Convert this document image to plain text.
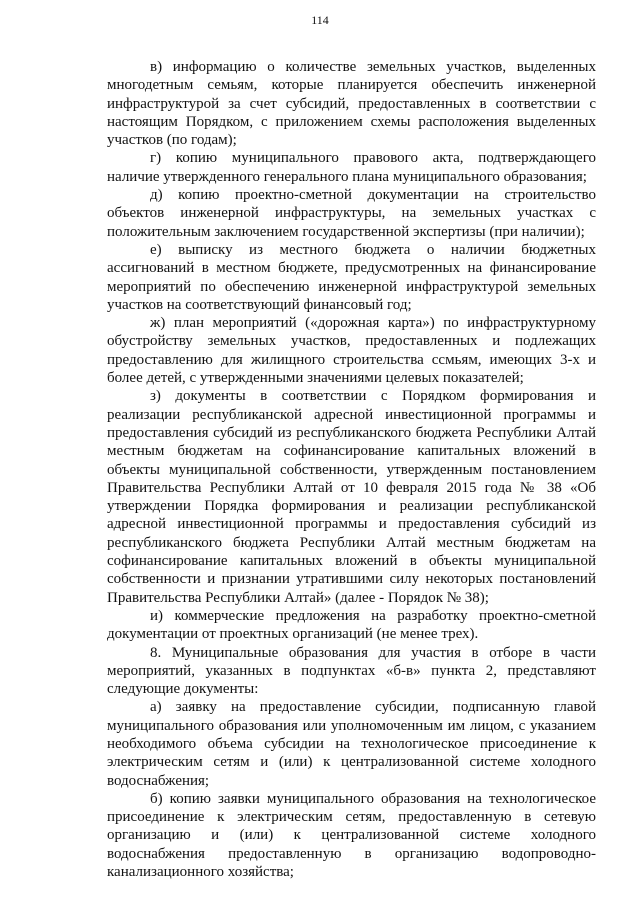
114

в) информацию о количестве земельных участков, выделенных многодетным семьям, которые планируется обеспечить инженерной инфраструктурой за счет субсидий, предоставленных в соответствии с настоящим Порядком, с приложением схемы расположения выделенных участков (по годам);

г) копию муниципального правового акта, подтверждающего наличие утвержденного генерального плана муниципального образования;

д) копию проектно-сметной документации на строительство объектов инженерной инфраструктуры, на земельных участках с положительным заключением государственной экспертизы (при наличии);

е) выписку из местного бюджета о наличии бюджетных ассигнований в местном бюджете, предусмотренных на финансирование мероприятий по обеспечению инженерной инфраструктурой земельных участков на соответствующий финансовый год;

ж) план мероприятий («дорожная карта») по инфраструктурному обустройству земельных участков, предоставленных и подлежащих предоставлению для жилищного строительства ссмьям, имеющих 3-х и более детей, с утвержденными значениями целевых показателей;

з) документы в соответствии с Порядком формирования и реализации республиканской адресной инвестиционной программы и предоставления субсидий из республиканского бюджета Республики Алтай местным бюджетам на софинансирование капитальных вложений в объекты муниципальной собственности, утвержденным постановлением Правительства Республики Алтай от 10 февраля 2015 года № 38 «Об утверждении Порядка формирования и реализации республиканской адресной инвестиционной программы и предоставления субсидий из республиканского бюджета Республики Алтай местным бюджетам на софинансирование капитальных вложений в объекты муниципальной собственности и признании утратившими силу некоторых постановлений Правительства Республики Алтай» (далее - Порядок № 38);

и) коммерческие предложения на разработку проектно-сметной документации от проектных организаций (не менее трех).

8. Муниципальные образования для участия в отборе в части мероприятий, указанных в подпунктах «б-в» пункта 2, представляют следующие документы:

а) заявку на предоставление субсидии, подписанную главой муниципального образования или уполномоченным им лицом, с указанием необходимого объема субсидии на технологическое присоединение к электрическим сетям и (или) к централизованной системе холодного водоснабжения;

б) копию заявки муниципального образования на технологическое присоединение к электрическим сетям, предоставленную в сетевую организацию и (или) к централизованной системе холодного водоснабжения предоставленную в организацию водопроводно-канализационного хозяйства;
